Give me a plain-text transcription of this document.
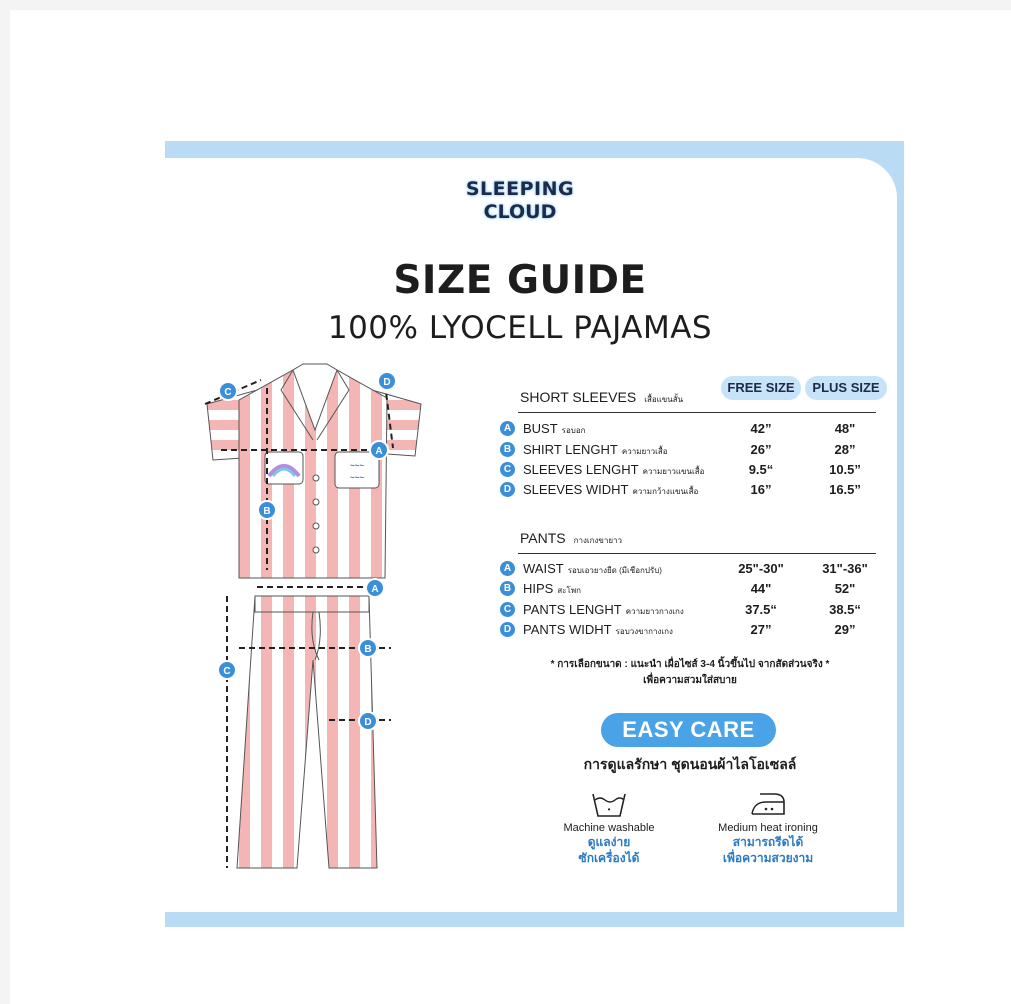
SLEEPING
CLOUD
SIZE GUIDE
100% LYOCELL PAJAMAS
~~~
~~~
C
D
A
B
A
B
C
D
FREE SIZE	PLUS SIZE
SHORT SLEEVES เสื้อแขนสั้น
A BUST รอบอก	42”	48"
B SHIRT LENGHT ความยาวเสื้อ	26”	28”
C SLEEVES LENGHT ความยาวแขนเสื้อ	9.5“	10.5”
D SLEEVES WIDHT ความกว้างแขนเสื้อ	16”	16.5”
PANTS กางเกงขายาว
A WAIST รอบเอวยางยืด (มีเชือกปรับ)	25"-30"	31"-36"
B HIPS สะโพก	44"	52"
C PANTS LENGHT ความยาวกางเกง	37.5“	38.5“
D PANTS WIDHT รอบวงขากางเกง	27”	29”
* การเลือกขนาด : แนะนำ เผื่อไซส์ 3-4 นิ้วขึ้นไป จากสัดส่วนจริง *
เพื่อความสวมใส่สบาย
EASY CARE
การดูแลรักษา ชุดนอนผ้าไลโอเซลล์
•
Machine washable
ดูแลง่าย
ซักเครื่องได้
Medium heat ironing
สามารถรีดได้
เพื่อความสวยงาม
